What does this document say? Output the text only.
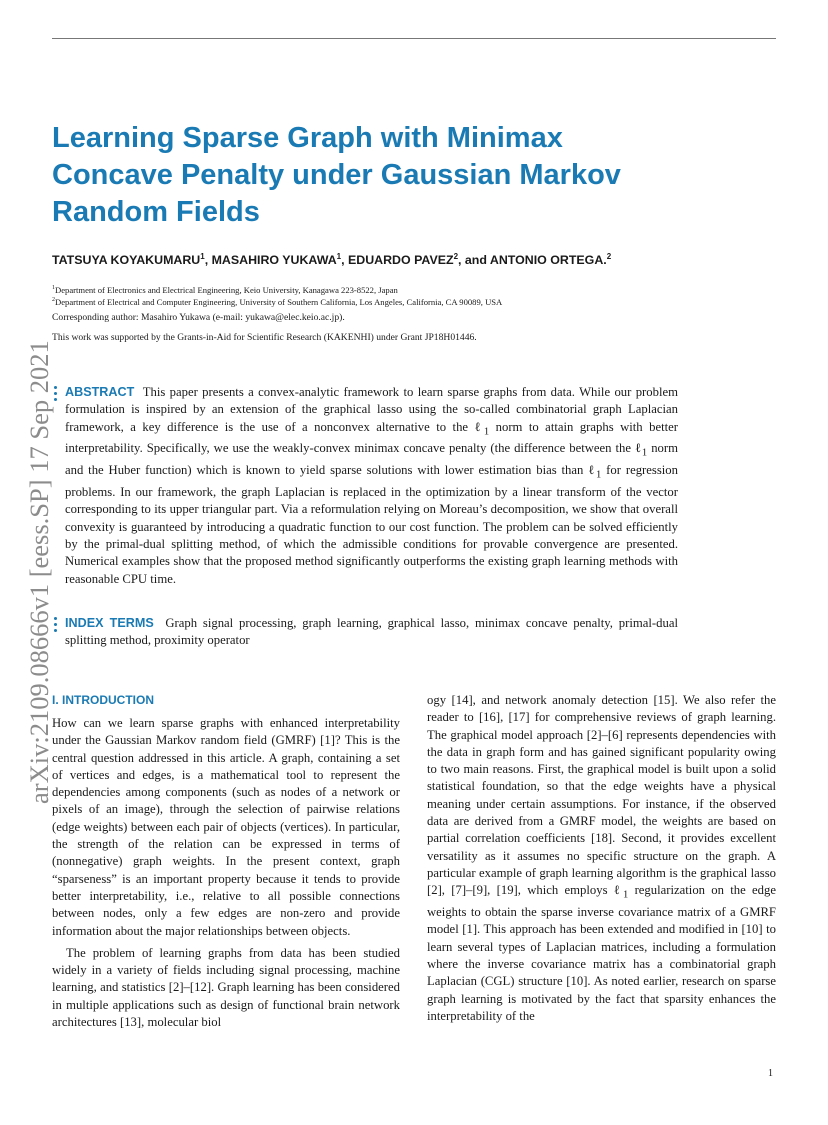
Learning Sparse Graph with Minimax Concave Penalty under Gaussian Markov Random Fields
TATSUYA KOYAKUMARU$^1$, MASAHIRO YUKAWA$^1$, EDUARDO PAVEZ$^2$, and ANTONIO ORTEGA.$^2$
$^1$Department of Electronics and Electrical Engineering, Keio University, Kanagawa 223-8522, Japan
$^2$Department of Electrical and Computer Engineering, University of Southern California, Los Angeles, California, CA 90089, USA
Corresponding author: Masahiro Yukawa (e-mail: yukawa@elec.keio.ac.jp).
This work was supported by the Grants-in-Aid for Scientific Research (KAKENHI) under Grant JP18H01446.
arXiv:2109.08666v1 [eess.SP] 17 Sep 2021 ABSTRACT This paper presents a convex-analytic framework to learn sparse graphs from data. While our problem formulation is inspired by an extension of the graphical lasso using the so-called combinatorial graph Laplacian framework, a key difference is the use of a nonconvex alternative to the ℓ$_1$ norm to attain graphs with better interpretability. Specifically, we use the weakly-convex minimax concave penalty (the difference between the ℓ$_1$ norm and the Huber function) which is known to yield sparse solutions with lower estimation bias than ℓ$_1$ for regression problems. In our framework, the graph Laplacian is replaced in the optimization by a linear transform of the vector corresponding to its upper triangular part. Via a reformulation relying on Moreau’s decomposition, we show that overall convexity is guaranteed by introducing a quadratic function to our cost function. The problem can be solved efficiently by the primal-dual splitting method, of which the admissible conditions for provable convergence are presented. Numerical examples show that the proposed method significantly outperforms the existing graph learning methods with reasonable CPU time.

INDEX TERMS Graph signal processing, graph learning, graphical lasso, minimax concave penalty, primal-dual splitting method, proximity operator

I. INTRODUCTION

How can we learn sparse graphs with enhanced interpretability under the Gaussian Markov random field (GMRF) [1]? This is the central question addressed in this article. A graph, containing a set of vertices and edges, is a mathematical tool to represent the dependencies among components (such as nodes of a network or pixels of an image), through the selection of pairwise relations (edge weights) between each pair of objects (vertices). In particular, the strength of the relation can be expressed in terms of (nonnegative) graph weights. In the present context, graph “sparseness” is an important property because it tends to provide better interpretability, i.e., relative to all possible connections between nodes, only a few edges are non-zero and provide information about the major relationships between objects.

The problem of learning graphs from data has been studied widely in a variety of fields including signal processing, machine learning, and statistics [2]–[12]. Graph learning has been considered in multiple applications such as design of functional brain network architectures [13], molecular biol

ogy [14], and network anomaly detection [15]. We also refer the reader to [16], [17] for comprehensive reviews of graph learning. The graphical model approach [2]–[6] represents dependencies with the data in graph form and has gained significant popularity owing to two main reasons. First, the graphical model is built upon a solid statistical foundation, so that the edge weights have a physical meaning under certain assumptions. For instance, if the observed data are derived from a GMRF model, the weights are based on partial correlation coefficients [18]. Second, it provides excellent versatility as it assumes no specific structure on the graph. A particular example of graph learning algorithm is the graphical lasso [2], [7]–[9], [19], which employs ℓ$_1$ regularization on the edge weights to obtain the sparse inverse covariance matrix of a GMRF model [1]. This approach has been extended and modified in [10] to learn several types of Laplacian matrices, including a formulation where the inverse covariance matrix has a combinatorial graph Laplacian (CGL) structure [10]. As noted earlier, research on sparse graph learning is motivated by the fact that sparsity enhances the interpretability of the

1
